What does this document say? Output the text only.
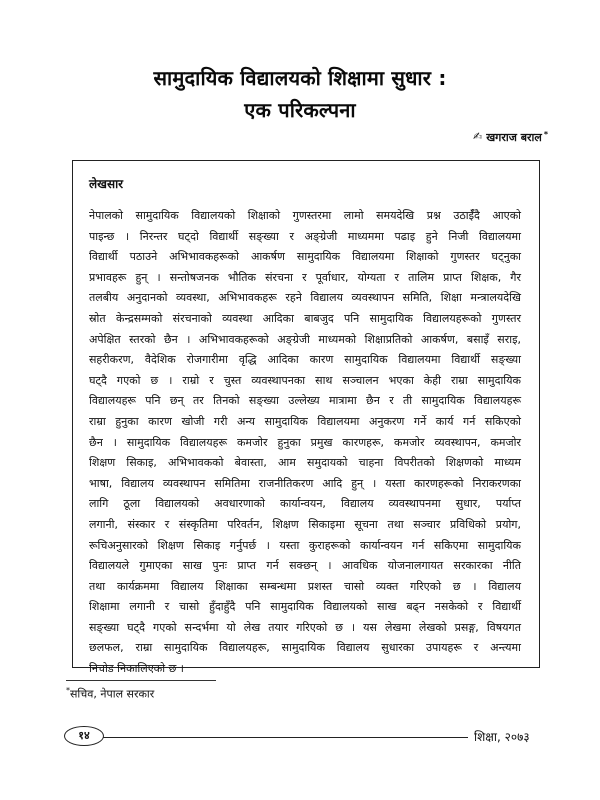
सामुदायिक विद्यालयको शिक्षामा सुधार :
एक परिकल्पना
✍ खगराज बराल *
लेखसार
नेपालको सामुदायिक विद्यालयको शिक्षाको गुणस्तरमा लामो समयदेखि प्रश्न उठाईँदै आएको
पाइन्छ । निरन्तर घट्दो विद्यार्थी सङ्ख्या र अङ्ग्रेजी माध्यममा पढाइ हुने निजी विद्यालयमा
विद्यार्थी पठाउने अभिभावकहरूको आकर्षण सामुदायिक विद्यालयमा शिक्षाको गुणस्तर घट्नुका
प्रभावहरू हुन् । सन्तोषजनक भौतिक संरचना र पूर्वाधार, योग्यता र तालिम प्राप्त शिक्षक, गैर
तलबीय अनुदानको व्यवस्था, अभिभावकहरू रहने विद्यालय व्यवस्थापन समिति, शिक्षा मन्त्रालयदेखि
स्रोत केन्द्रसम्मको संरचनाको व्यवस्था आदिका बाबजुद पनि सामुदायिक विद्यालयहरूको गुणस्तर
अपेक्षित स्तरको छैन । अभिभावकहरूको अङ्ग्रेजी माध्यमको शिक्षाप्रतिको आकर्षण, बसाइँ सराइ,
सहरीकरण, वैदेशिक रोजगारीमा वृद्धि आदिका कारण सामुदायिक विद्यालयमा विद्यार्थी सङ्ख्या
घट्दै गएको छ । राम्रो र चुस्त व्यवस्थापनका साथ सञ्चालन भएका केही राम्रा सामुदायिक
विद्यालयहरू पनि छन् तर तिनको सङ्ख्या उल्लेख्य मात्रामा छैन र ती सामुदायिक विद्यालयहरू
राम्रा हुनुका कारण खोजी गरी अन्य सामुदायिक विद्यालयमा अनुकरण गर्ने कार्य गर्न सकिएको
छैन । सामुदायिक विद्यालयहरू कमजोर हुनुका प्रमुख कारणहरू, कमजोर व्यवस्थापन, कमजोर
शिक्षण सिकाइ, अभिभावकको बेवास्ता, आम समुदायको चाहना विपरीतको शिक्षणको माध्यम
भाषा, विद्यालय व्यवस्थापन समितिमा राजनीतिकरण आदि हुन् । यस्ता कारणहरूको निराकरणका
लागि ठूला विद्यालयको अवधारणाको कार्यान्वयन, विद्यालय व्यवस्थापनमा सुधार, पर्याप्त
लगानी, संस्कार र संस्कृतिमा परिवर्तन, शिक्षण सिकाइमा सूचना तथा सञ्चार प्रविधिको प्रयोग,
रूचिअनुसारको शिक्षण सिकाइ गर्नुपर्छ । यस्ता कुराहरूको कार्यान्वयन गर्न सकिएमा सामुदायिक
विद्यालयले गुमाएका साख पुनः प्राप्त गर्न सक्छन् । आवधिक योजनालगायत सरकारका नीति
तथा कार्यक्रममा विद्यालय शिक्षाका सम्बन्धमा प्रशस्त चासो व्यक्त गरिएको छ । विद्यालय
शिक्षामा लगानी र चासो हुँदाहुँदै पनि सामुदायिक विद्यालयको साख बढ्न नसकेको र विद्यार्थी
सङ्ख्या घट्दै गएको सन्दर्भमा यो लेख तयार गरिएको छ । यस लेखमा लेखको प्रसङ्ग, विषयगत
छलफल, राम्रा सामुदायिक विद्यालयहरू, सामुदायिक विद्यालय सुधारका उपायहरू र अन्त्यमा
निचोड निकालिएको छ ।
*सचिव, नेपाल सरकार
१४	शिक्षा, २०७३
